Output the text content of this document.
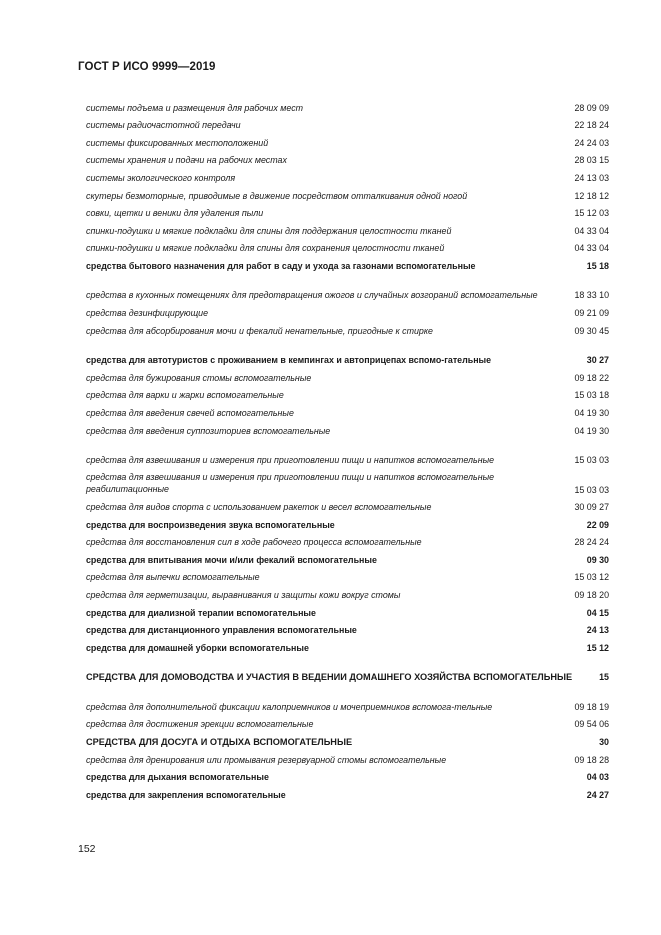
ГОСТ Р ИСО 9999—2019
системы подъема и размещения для рабочих мест	28 09 09
системы радиочастотной передачи	22 18 24
системы фиксированных местоположений	24 24 03
системы хранения и подачи на рабочих местах	28 03 15
системы экологического контроля	24 13 03
скутеры безмоторные, приводимые в движение посредством отталкивания одной ногой	12 18 12
совки, щетки и веники для удаления пыли	15 12 03
спинки-подушки и мягкие подкладки для спины для поддержания целостности тканей	04 33 04
спинки-подушки и мягкие подкладки для спины для сохранения целостности тканей	04 33 04
средства бытового назначения для работ в саду и ухода за газонами вспомогательные	15 18
средства в кухонных помещениях для предотвращения ожогов и случайных возгораний вспомогательные	18 33 10
средства дезинфицирующие	09 21 09
средства для абсорбирования мочи и фекалий ненательные, пригодные к стирке	09 30 45
средства для автотуристов с проживанием в кемпингах и автоприцепах вспомо-гательные	30 27
средства для бужирования стомы вспомогательные	09 18 22
средства для варки и жарки вспомогательные	15 03 18
средства для введения свечей вспомогательные	04 19 30
средства для введения суппозиториев вспомогательные	04 19 30
средства для взвешивания и измерения при приготовлении пищи и напитков вспомогательные	15 03 03
средства для взвешивания и измерения при приготовлении пищи и напитков вспомогательные реабилитационные	15 03 03
средства для видов спорта с использованием ракеток и весел вспомогательные	30 09 27
средства для воспроизведения звука вспомогательные	22 09
средства для восстановления сил в ходе рабочего процесса вспомогательные	28 24 24
средства для впитывания мочи и/или фекалий вспомогательные	09 30
средства для выпечки вспомогательные	15 03 12
средства для герметизации, выравнивания и защиты кожи вокруг стомы	09 18 20
средства для диализной терапии вспомогательные	04 15
средства для дистанционного управления вспомогательные	24 13
средства для домашней уборки вспомогательные	15 12
СРЕДСТВА ДЛЯ ДОМОВОДСТВА И УЧАСТИЯ В ВЕДЕНИИ ДОМАШНЕГО ХОЗЯЙСТВА ВСПОМОГАТЕЛЬНЫЕ	15
средства для дополнительной фиксации калоприемников и мочеприемников вспомога-тельные	09 18 19
средства для достижения эрекции вспомогательные	09 54 06
СРЕДСТВА ДЛЯ ДОСУГА И ОТДЫХА ВСПОМОГАТЕЛЬНЫЕ	30
средства для дренирования или промывания резервуарной стомы вспомогательные	09 18 28
средства для дыхания вспомогательные	04 03
средства для закрепления вспомогательные	24 27
152
